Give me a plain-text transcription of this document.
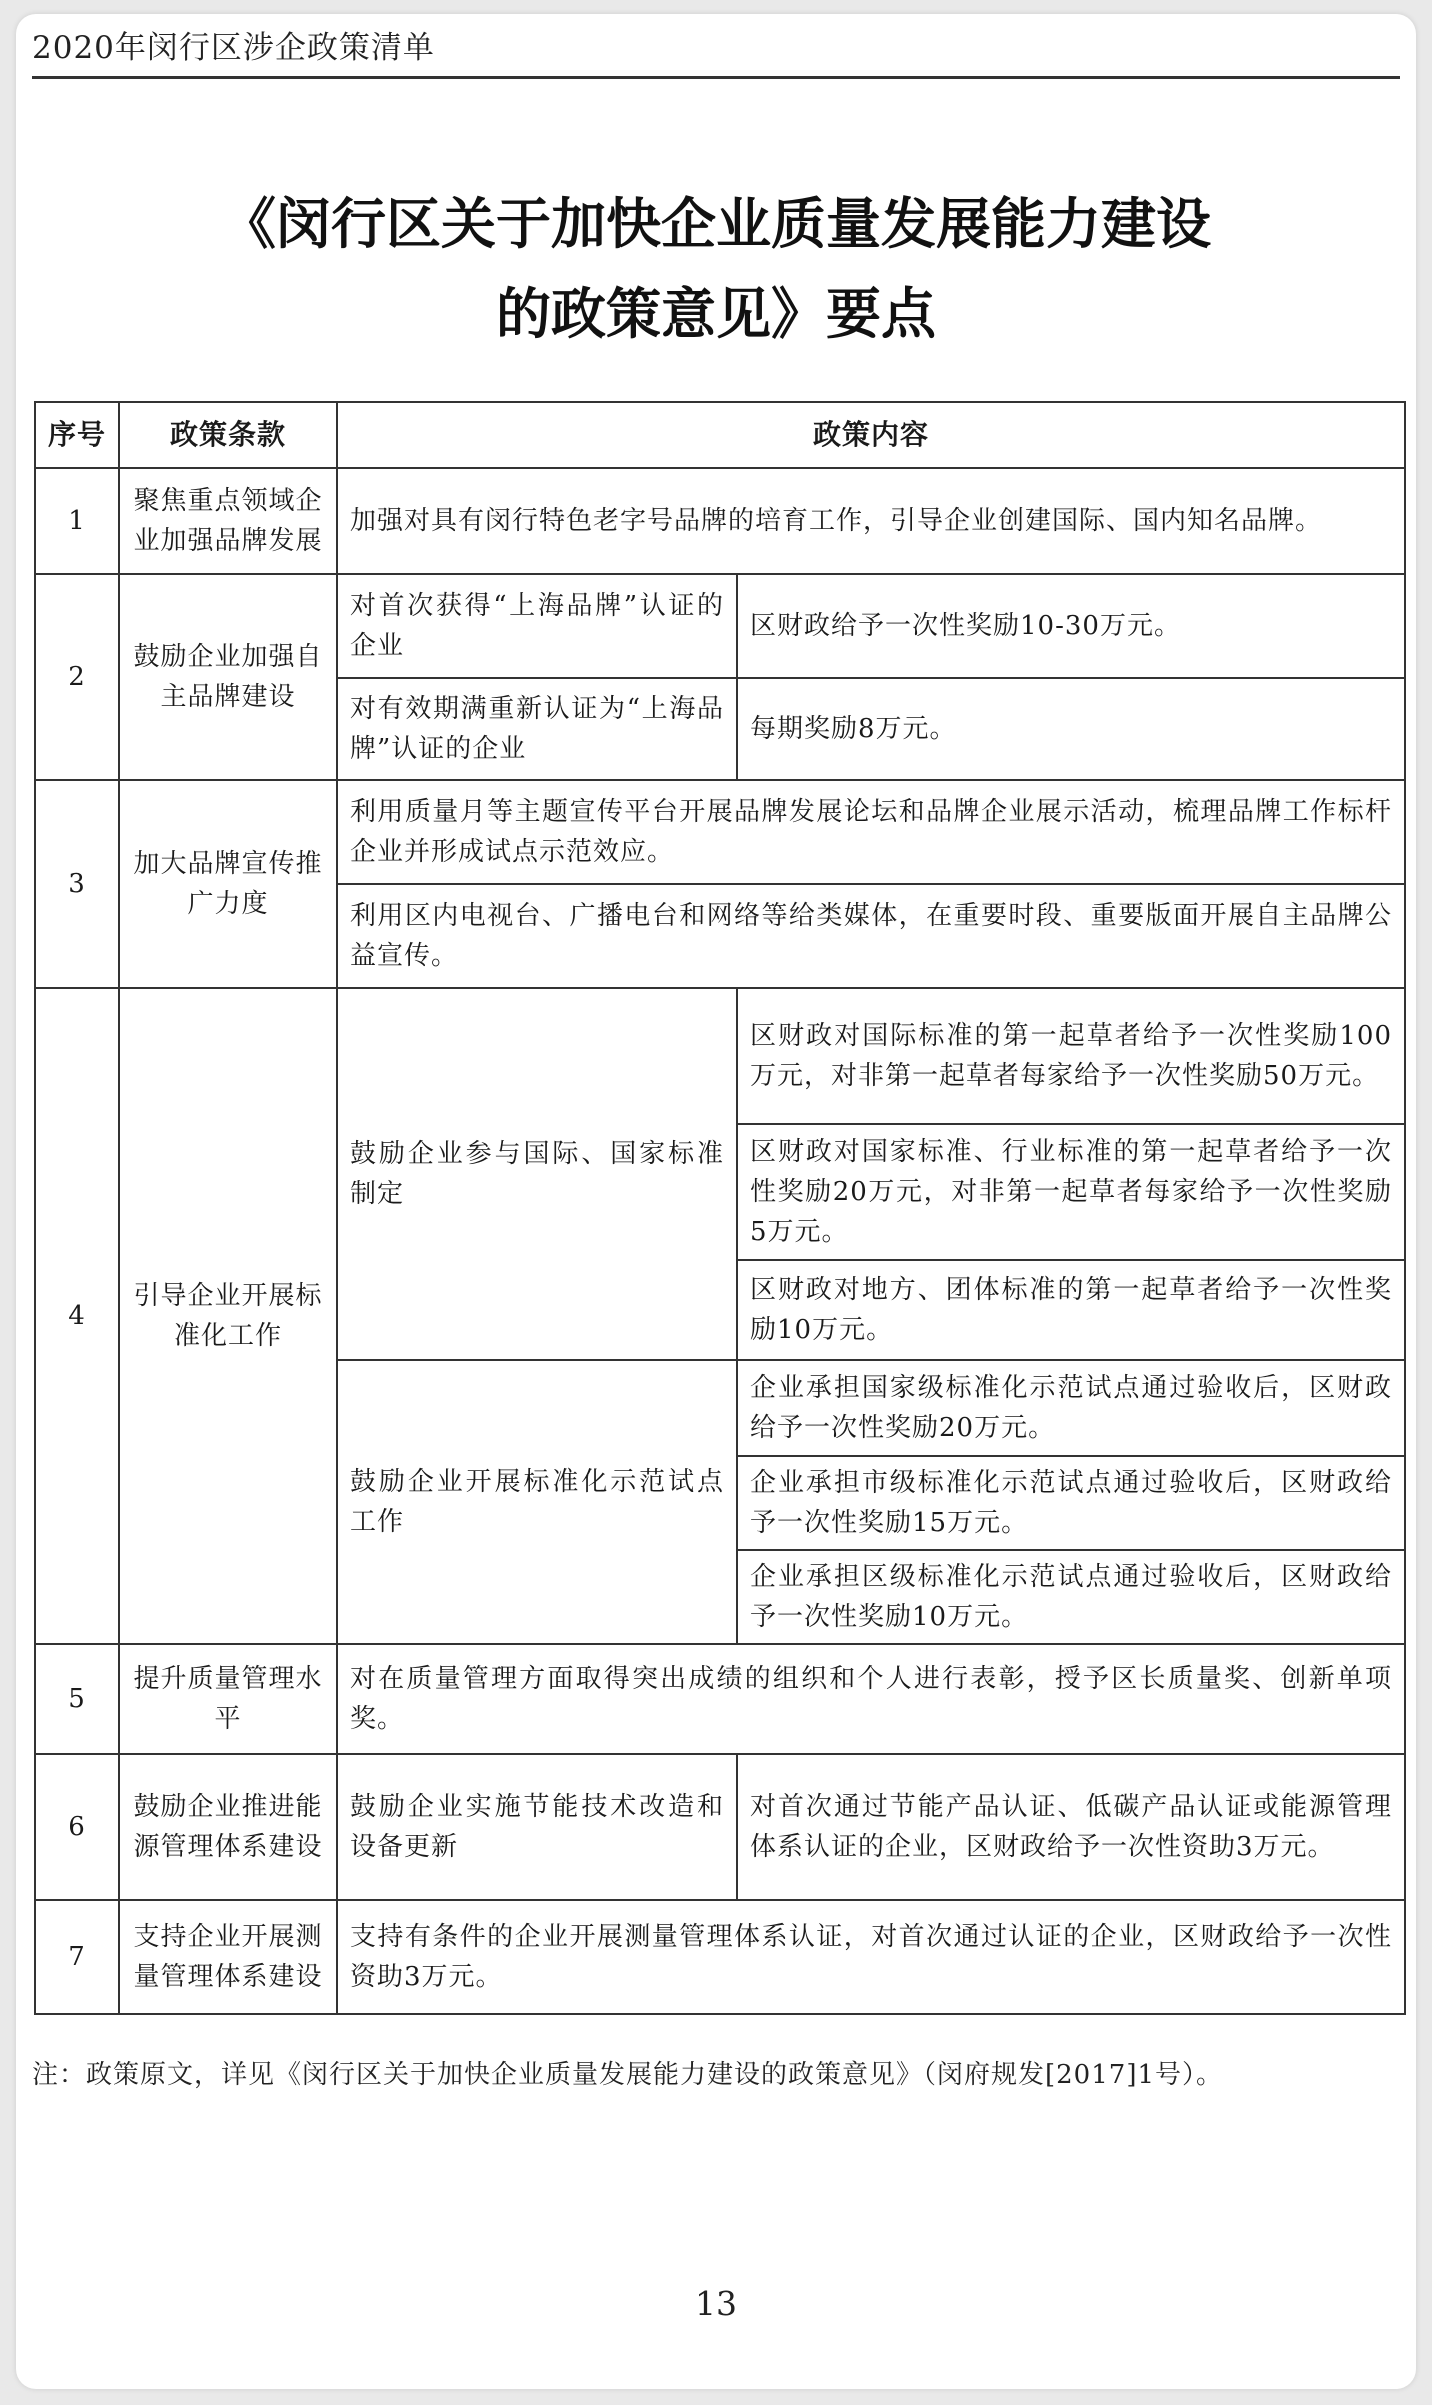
2020年闵行区涉企政策清单
《闵行区关于加快企业质量发展能力建设
的政策意见》要点
序号	政策条款	政策内容	
1	聚焦重点领域企业加强品牌发展	加强对具有闵行特色老字号品牌的培育工作，引导企业创建国际、国内知名品牌。	
2	鼓励企业加强自主品牌建设	对首次获得“上海品牌”认证的企业	区财政给予一次性奖励10-30万元。
		对有效期满重新认证为“上海品牌”认证的企业	每期奖励8万元。
3	加大品牌宣传推广力度	利用质量月等主题宣传平台开展品牌发展论坛和品牌企业展示活动，梳理品牌工作标杆企业并形成试点示范效应。	
		利用区内电视台、广播电台和网络等给类媒体，在重要时段、重要版面开展自主品牌公益宣传。	
4	引导企业开展标准化工作	鼓励企业参与国际、国家标准制定	区财政对国际标准的第一起草者给予一次性奖励100万元，对非第一起草者每家给予一次性奖励50万元。
			区财政对国家标准、行业标准的第一起草者给予一次性奖励20万元，对非第一起草者每家给予一次性奖励5万元。
			区财政对地方、团体标准的第一起草者给予一次性奖励10万元。
		鼓励企业开展标准化示范试点工作	企业承担国家级标准化示范试点通过验收后，区财政给予一次性奖励20万元。
			企业承担市级标准化示范试点通过验收后，区财政给予一次性奖励15万元。
			企业承担区级标准化示范试点通过验收后，区财政给予一次性奖励10万元。
5	提升质量管理水平	对在质量管理方面取得突出成绩的组织和个人进行表彰，授予区长质量奖、创新单项奖。	
6	鼓励企业推进能源管理体系建设	鼓励企业实施节能技术改造和设备更新	对首次通过节能产品认证、低碳产品认证或能源管理体系认证的企业，区财政给予一次性资助3万元。
7	支持企业开展测量管理体系建设	支持有条件的企业开展测量管理体系认证，对首次通过认证的企业，区财政给予一次性资助3万元。	
注：政策原文，详见《闵行区关于加快企业质量发展能力建设的政策意见》（闵府规发[2017]1号）。
13
